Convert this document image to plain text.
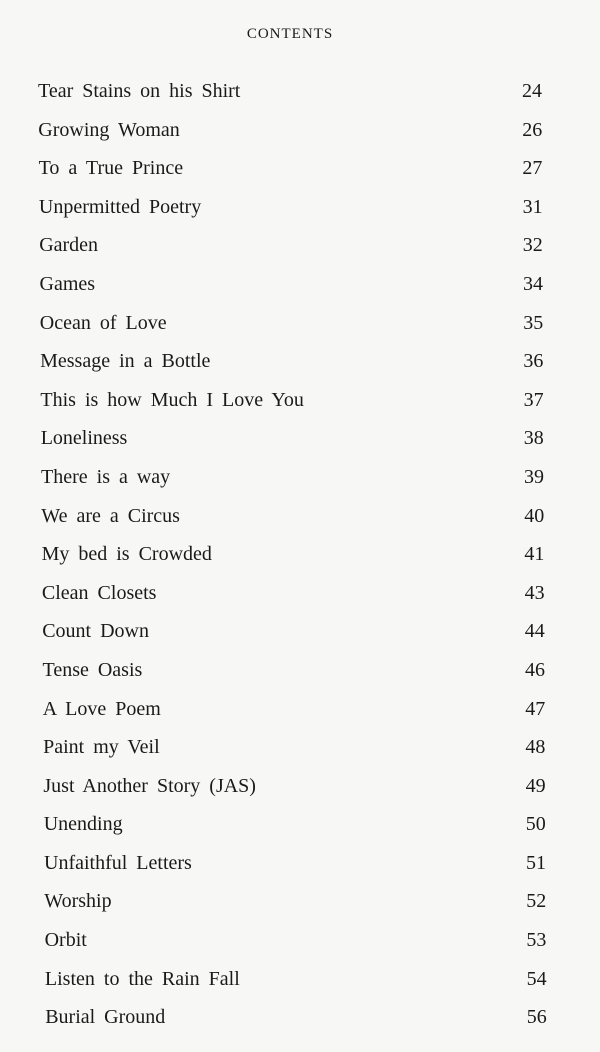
CONTENTS
Tear Stains on his Shirt	24
Growing Woman	26
To a True Prince	27
Unpermitted Poetry	31
Garden	32
Games	34
Ocean of Love	35
Message in a Bottle	36
This is how Much I Love You	37
Loneliness	38
There is a way	39
We are a Circus	40
My bed is Crowded	41
Clean Closets	43
Count Down	44
Tense Oasis	46
A Love Poem	47
Paint my Veil	48
Just Another Story (JAS)	49
Unending	50
Unfaithful Letters	51
Worship	52
Orbit	53
Listen to the Rain Fall	54
Burial Ground	56
